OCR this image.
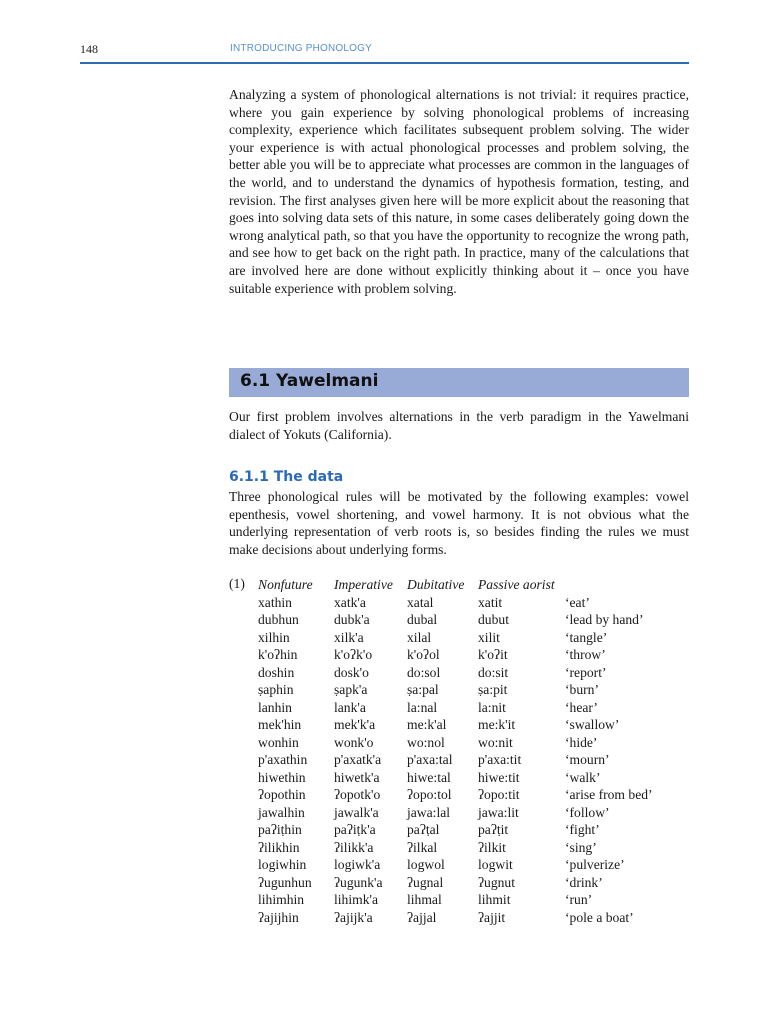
148	INTRODUCING PHONOLOGY

Analyzing a system of phonological alternations is not trivial: it requires practice, where you gain experience by solving phonological problems of increasing complexity, experience which facilitates subsequent problem solving. The wider your experience is with actual phonological processes and problem solving, the better able you will be to appreciate what processes are common in the languages of the world, and to understand the dynamics of hypothesis formation, testing, and revision. The first analyses given here will be more explicit about the reasoning that goes into solving data sets of this nature, in some cases deliberately going down the wrong analytical path, so that you have the opportunity to recognize the wrong path, and see how to get back on the right path. In practice, many of the calculations that are involved here are done without explicitly thinking about it – once you have suitable experience with problem solving.

6.1 Yawelmani

Our first problem involves alternations in the verb paradigm in the Yawelmani dialect of Yokuts (California).

6.1.1 The data

Three phonological rules will be motivated by the following examples: vowel epenthesis, vowel shortening, and vowel harmony. It is not obvious what the underlying representation of verb roots is, so besides finding the rules we must make decisions about underlying forms.

(1) Nonfuture Imperative Dubitative Passive aorist
xathin	xatk'a	xatal	xatit	‘eat’
dubhun	dubk'a	dubal	dubut	‘lead by hand’
xilhin	xilk'a	xilal	xilit	‘tangle’
k'oʔhin	k'oʔk'o	k'oʔol	k'oʔit	‘throw’
doshin	dosk'o	do:sol	do:sit	‘report’
ṣaphin	ṣapk'a	ṣa:pal	ṣa:pit	‘burn’
lanhin	lank'a	la:nal	la:nit	‘hear’
mek'hin mek'k'a me:k'al me:k'it	‘swallow’
wonhin	wonk'o wo:nol wo:nit	‘hide’
p'axathin p'axatk'a p'axa:tal p'axa:tit	‘mourn’
hiwethin hiwetk'a hiwe:tal hiwe:tit	‘walk’
ʔopothin ʔopotk'o ʔopo:tol ʔopo:tit	‘arise from bed’
jawalhin jawalk'a jawa:lal jawa:lit	‘follow’
paʔiṭhin paʔiṭk'a paʔṭal	paʔṭit	‘fight’
ʔilikhin	ʔilikk'a ʔilkal	ʔilkit	‘sing’
logiwhin logiwk'a logwol logwit	‘pulverize’
ʔugunhun ʔugunk'a ʔugnal	ʔugnut	‘drink’
lihimhin lihimk'a lihmal	lihmit	‘run’
ʔajijhin	ʔajijk'a	ʔajjal	ʔajjit	‘pole a boat’
